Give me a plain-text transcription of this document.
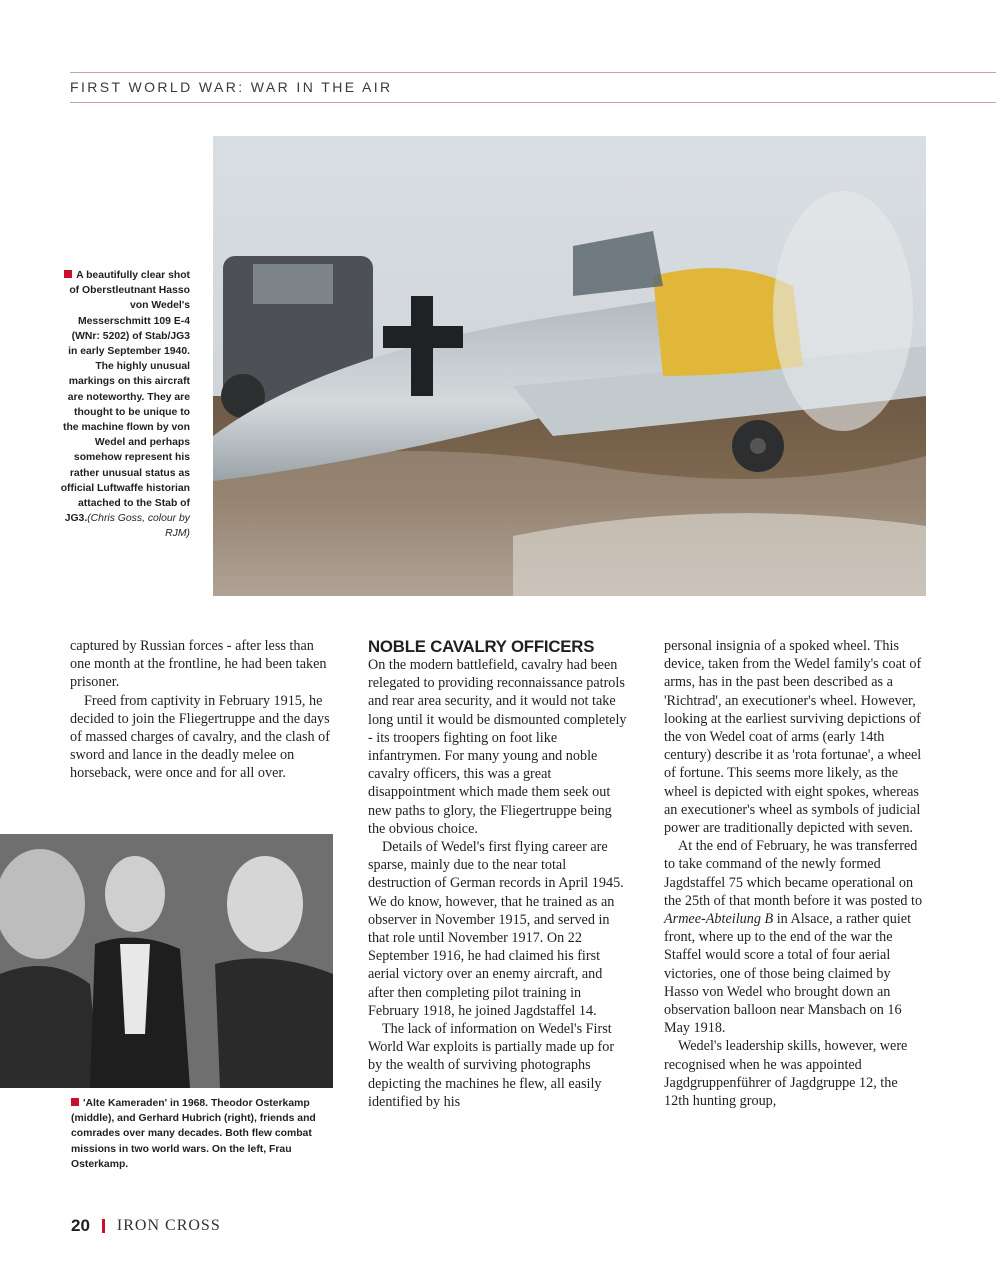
FIRST WORLD WAR: WAR IN THE AIR
A beautifully clear shot of Oberstleutnant Hasso von Wedel's Messerschmitt 109 E-4 (WNr: 5202) of Stab/JG3 in early September 1940. The highly unusual markings on this aircraft are noteworthy. They are thought to be unique to the machine flown by von Wedel and perhaps somehow represent his rather unusual status as official Luftwaffe historian attached to the Stab of JG3.(Chris Goss, colour by RJM)
'Alte Kameraden' in 1968. Theodor Osterkamp (middle), and Gerhard Hubrich (right), friends and comrades over many decades. Both flew combat missions in two world wars. On the left, Frau Osterkamp.

captured by Russian forces - after less than one month at the frontline, he had been taken prisoner.

Freed from captivity in February 1915, he decided to join the Fliegertruppe and the days of massed charges of cavalry, and the clash of sword and lance in the deadly melee on horseback, were once and for all over.

NOBLE CAVALRY OFFICERS

On the modern battlefield, cavalry had been relegated to providing reconnaissance patrols and rear area security, and it would not take long until it would be dismounted completely - its troopers fighting on foot like infantrymen. For many young and noble cavalry officers, this was a great disappointment which made them seek out new paths to glory, the Fliegertruppe being the obvious choice.

Details of Wedel's first flying career are sparse, mainly due to the near total destruction of German records in April 1945. We do know, however, that he trained as an observer in November 1915, and served in that role until November 1917. On 22 September 1916, he had claimed his first aerial victory over an enemy aircraft, and after then completing pilot training in February 1918, he joined Jagdstaffel 14.

The lack of information on Wedel's First World War exploits is partially made up for by the wealth of surviving photographs depicting the machines he flew, all easily identified by his

personal insignia of a spoked wheel. This device, taken from the Wedel family's coat of arms, has in the past been described as a 'Richtrad', an executioner's wheel. However, looking at the earliest surviving depictions of the von Wedel coat of arms (early 14th century) describe it as 'rota fortunae', a wheel of fortune. This seems more likely, as the wheel is depicted with eight spokes, whereas an executioner's wheel as symbols of judicial power are traditionally depicted with seven.

At the end of February, he was transferred to take command of the newly formed Jagdstaffel 75 which became operational on the 25th of that month before it was posted to Armee-Abteilung B in Alsace, a rather quiet front, where up to the end of the war the Staffel would score a total of four aerial victories, one of those being claimed by Hasso von Wedel who brought down an observation balloon near Mansbach on 16 May 1918.

Wedel's leadership skills, however, were recognised when he was appointed Jagdgruppenführer of Jagdgruppe 12, the 12th hunting group,

20 IRON CROSS
